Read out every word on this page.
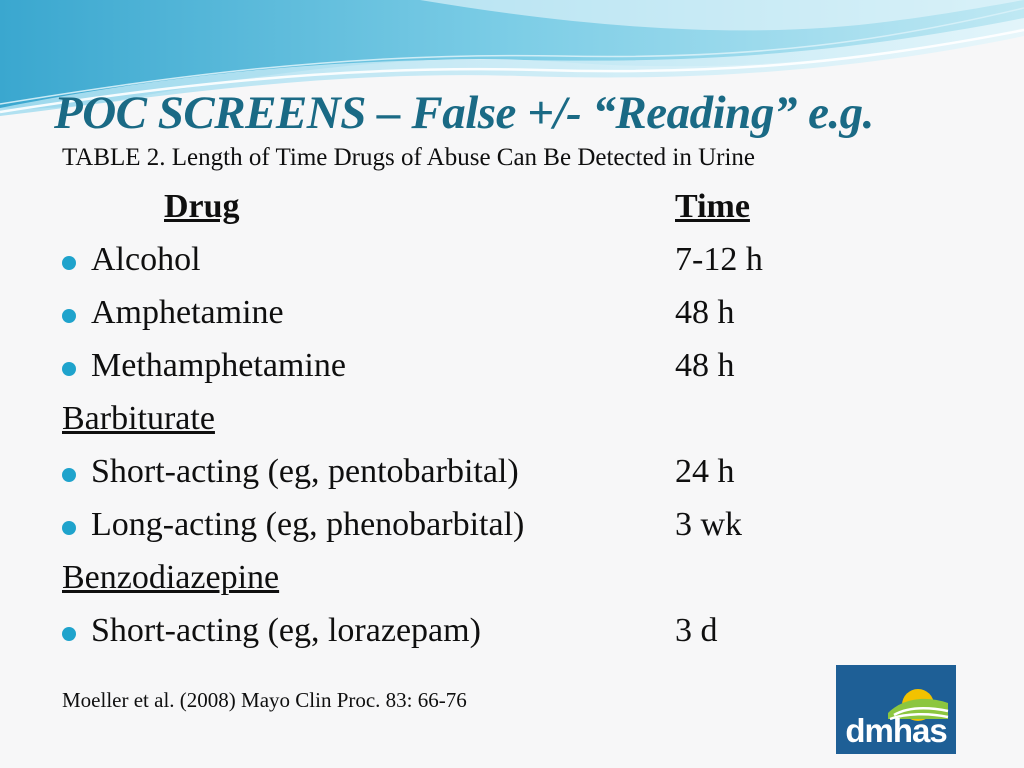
POC SCREENS – False +/- “Reading” e.g.

TABLE 2. Length of Time Drugs of Abuse Can Be Detected in Urine

Drug	Time
Alcohol	7-12 h
Amphetamine	48 h
Methamphetamine	48 h
Barbiturate
Short-acting (eg, pentobarbital)	24 h
Long-acting (eg, phenobarbital)	3 wk
Benzodiazepine
Short-acting (eg, lorazepam)	3 d

Moeller et al. (2008) Mayo Clin Proc. 83: 66-76

dmhas
